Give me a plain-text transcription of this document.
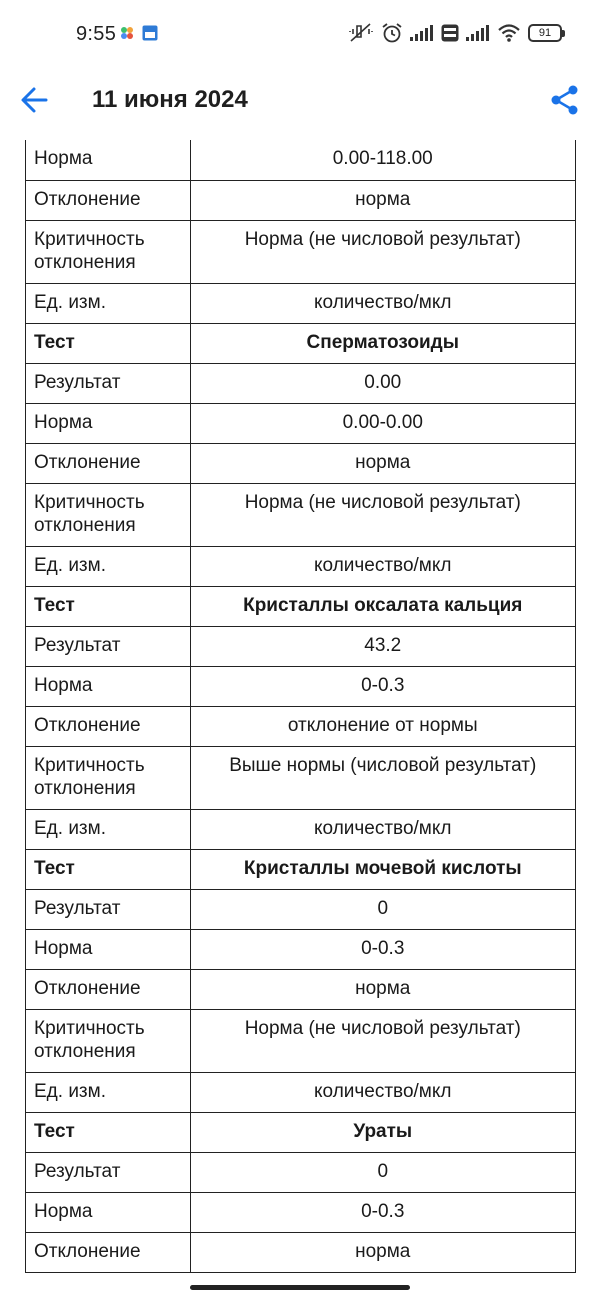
9:55	91
11 июня 2024
Норма	0.00-118.00
Отклонение	норма
Критичность отклонения	Норма (не числовой результат)
Ед. изм.	количество/мкл
Тест	Сперматозоиды
Результат	0.00
Норма	0.00-0.00
Отклонение	норма
Критичность отклонения	Норма (не числовой результат)
Ед. изм.	количество/мкл
Тест	Кристаллы оксалата кальция
Результат	43.2
Норма	0-0.3
Отклонение	отклонение от нормы
Критичность отклонения	Выше нормы (числовой результат)
Ед. изм.	количество/мкл
Тест	Кристаллы мочевой кислоты
Результат	0
Норма	0-0.3
Отклонение	норма
Критичность отклонения	Норма (не числовой результат)
Ед. изм.	количество/мкл
Тест	Ураты
Результат	0
Норма	0-0.3
Отклонение	норма
